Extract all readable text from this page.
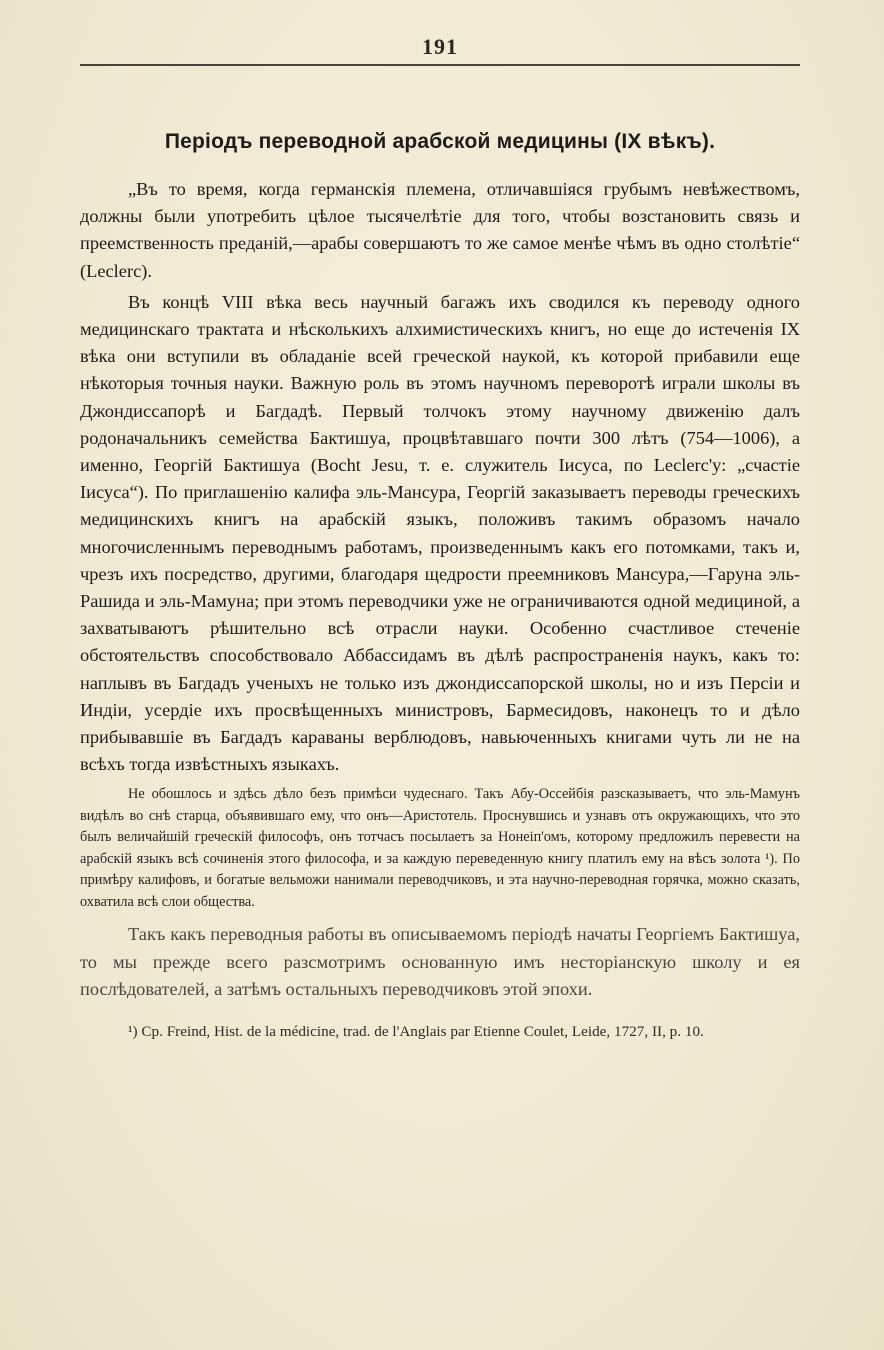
191
Періодъ переводной арабской медицины (IX вѣкъ).

„Въ то время, когда германскія племена, отличавшіяся грубымъ невѣжествомъ, должны были употребить цѣлое тысячелѣтіе для того, чтобы возстановить связь и преемственность преданій,—арабы совершаютъ то же самое менѣе чѣмъ въ одно столѣтіе“ (Leclerc).

Въ концѣ VIII вѣка весь научный багажъ ихъ сводился къ переводу одного медицинскаго трактата и нѣсколькихъ алхимистическихъ книгъ, но еще до истеченія IX вѣка они вступили въ обладаніе всей греческой наукой, къ которой прибавили еще нѣкоторыя точныя науки. Важную роль въ этомъ научномъ переворотѣ играли школы въ Джондиссапорѣ и Багдадѣ. Первый толчокъ этому научному движенію далъ родоначальникъ семейства Бактишуа, процвѣтавшаго почти 300 лѣтъ (754—1006), а именно, Георгій Бактишуа (Bocht Jesu, т. е. служитель Іисуса, по Leclerc'у: „счастіе Іисуса“). По приглашенію калифа эль-Мансура, Георгій заказываетъ переводы греческихъ медицинскихъ книгъ на арабскій языкъ, положивъ такимъ образомъ начало многочисленнымъ переводнымъ работамъ, произведеннымъ какъ его потомками, такъ и, чрезъ ихъ посредство, другими, благодаря щедрости преемниковъ Мансура,—Гаруна эль-Рашида и эль-Мамуна; при этомъ переводчики уже не ограничиваются одной медициной, а захватываютъ рѣшительно всѣ отрасли науки. Особенно счастливое стеченіе обстоятельствъ способствовало Аббассидамъ въ дѣлѣ распространенія наукъ, какъ то: наплывъ въ Багдадъ ученыхъ не только изъ джондиссапорской школы, но и изъ Персіи и Индіи, усердіе ихъ просвѣщенныхъ министровъ, Бармесидовъ, наконецъ то и дѣло прибывавшіе въ Багдадъ караваны верблюдовъ, навьюченныхъ книгами чуть ли не на всѣхъ тогда извѣстныхъ языкахъ.

Не обошлось и здѣсь дѣло безъ примѣси чудеснаго. Такъ Абу-Оссейбія разсказываетъ, что эль-Мамунъ видѣлъ во снѣ старца, объявившаго ему, что онъ—Аристотель. Проснувшись и узнавъ отъ окружающихъ, что это былъ величайшій греческій философъ, онъ тотчасъ посылаетъ за Нонеіп'омъ, которому предложилъ перевести на арабскій языкъ всѣ сочиненія этого философа, и за каждую переведенную книгу платилъ ему на вѣсъ золота ¹). По примѣру калифовъ, и богатые вельможи нанимали переводчиковъ, и эта научно-переводная горячка, можно сказать, охватила всѣ слои общества.

Такъ какъ переводныя работы въ описываемомъ періодѣ начаты Георгіемъ Бактишуа, то мы прежде всего разсмотримъ основанную имъ несторіанскую школу и ея послѣдователей, а затѣмъ остальныхъ переводчиковъ этой эпохи.

¹) Ср. Freind, Hist. de la médicine, trad. de l'Anglais par Etienne Coulet, Leide, 1727, II, p. 10.
